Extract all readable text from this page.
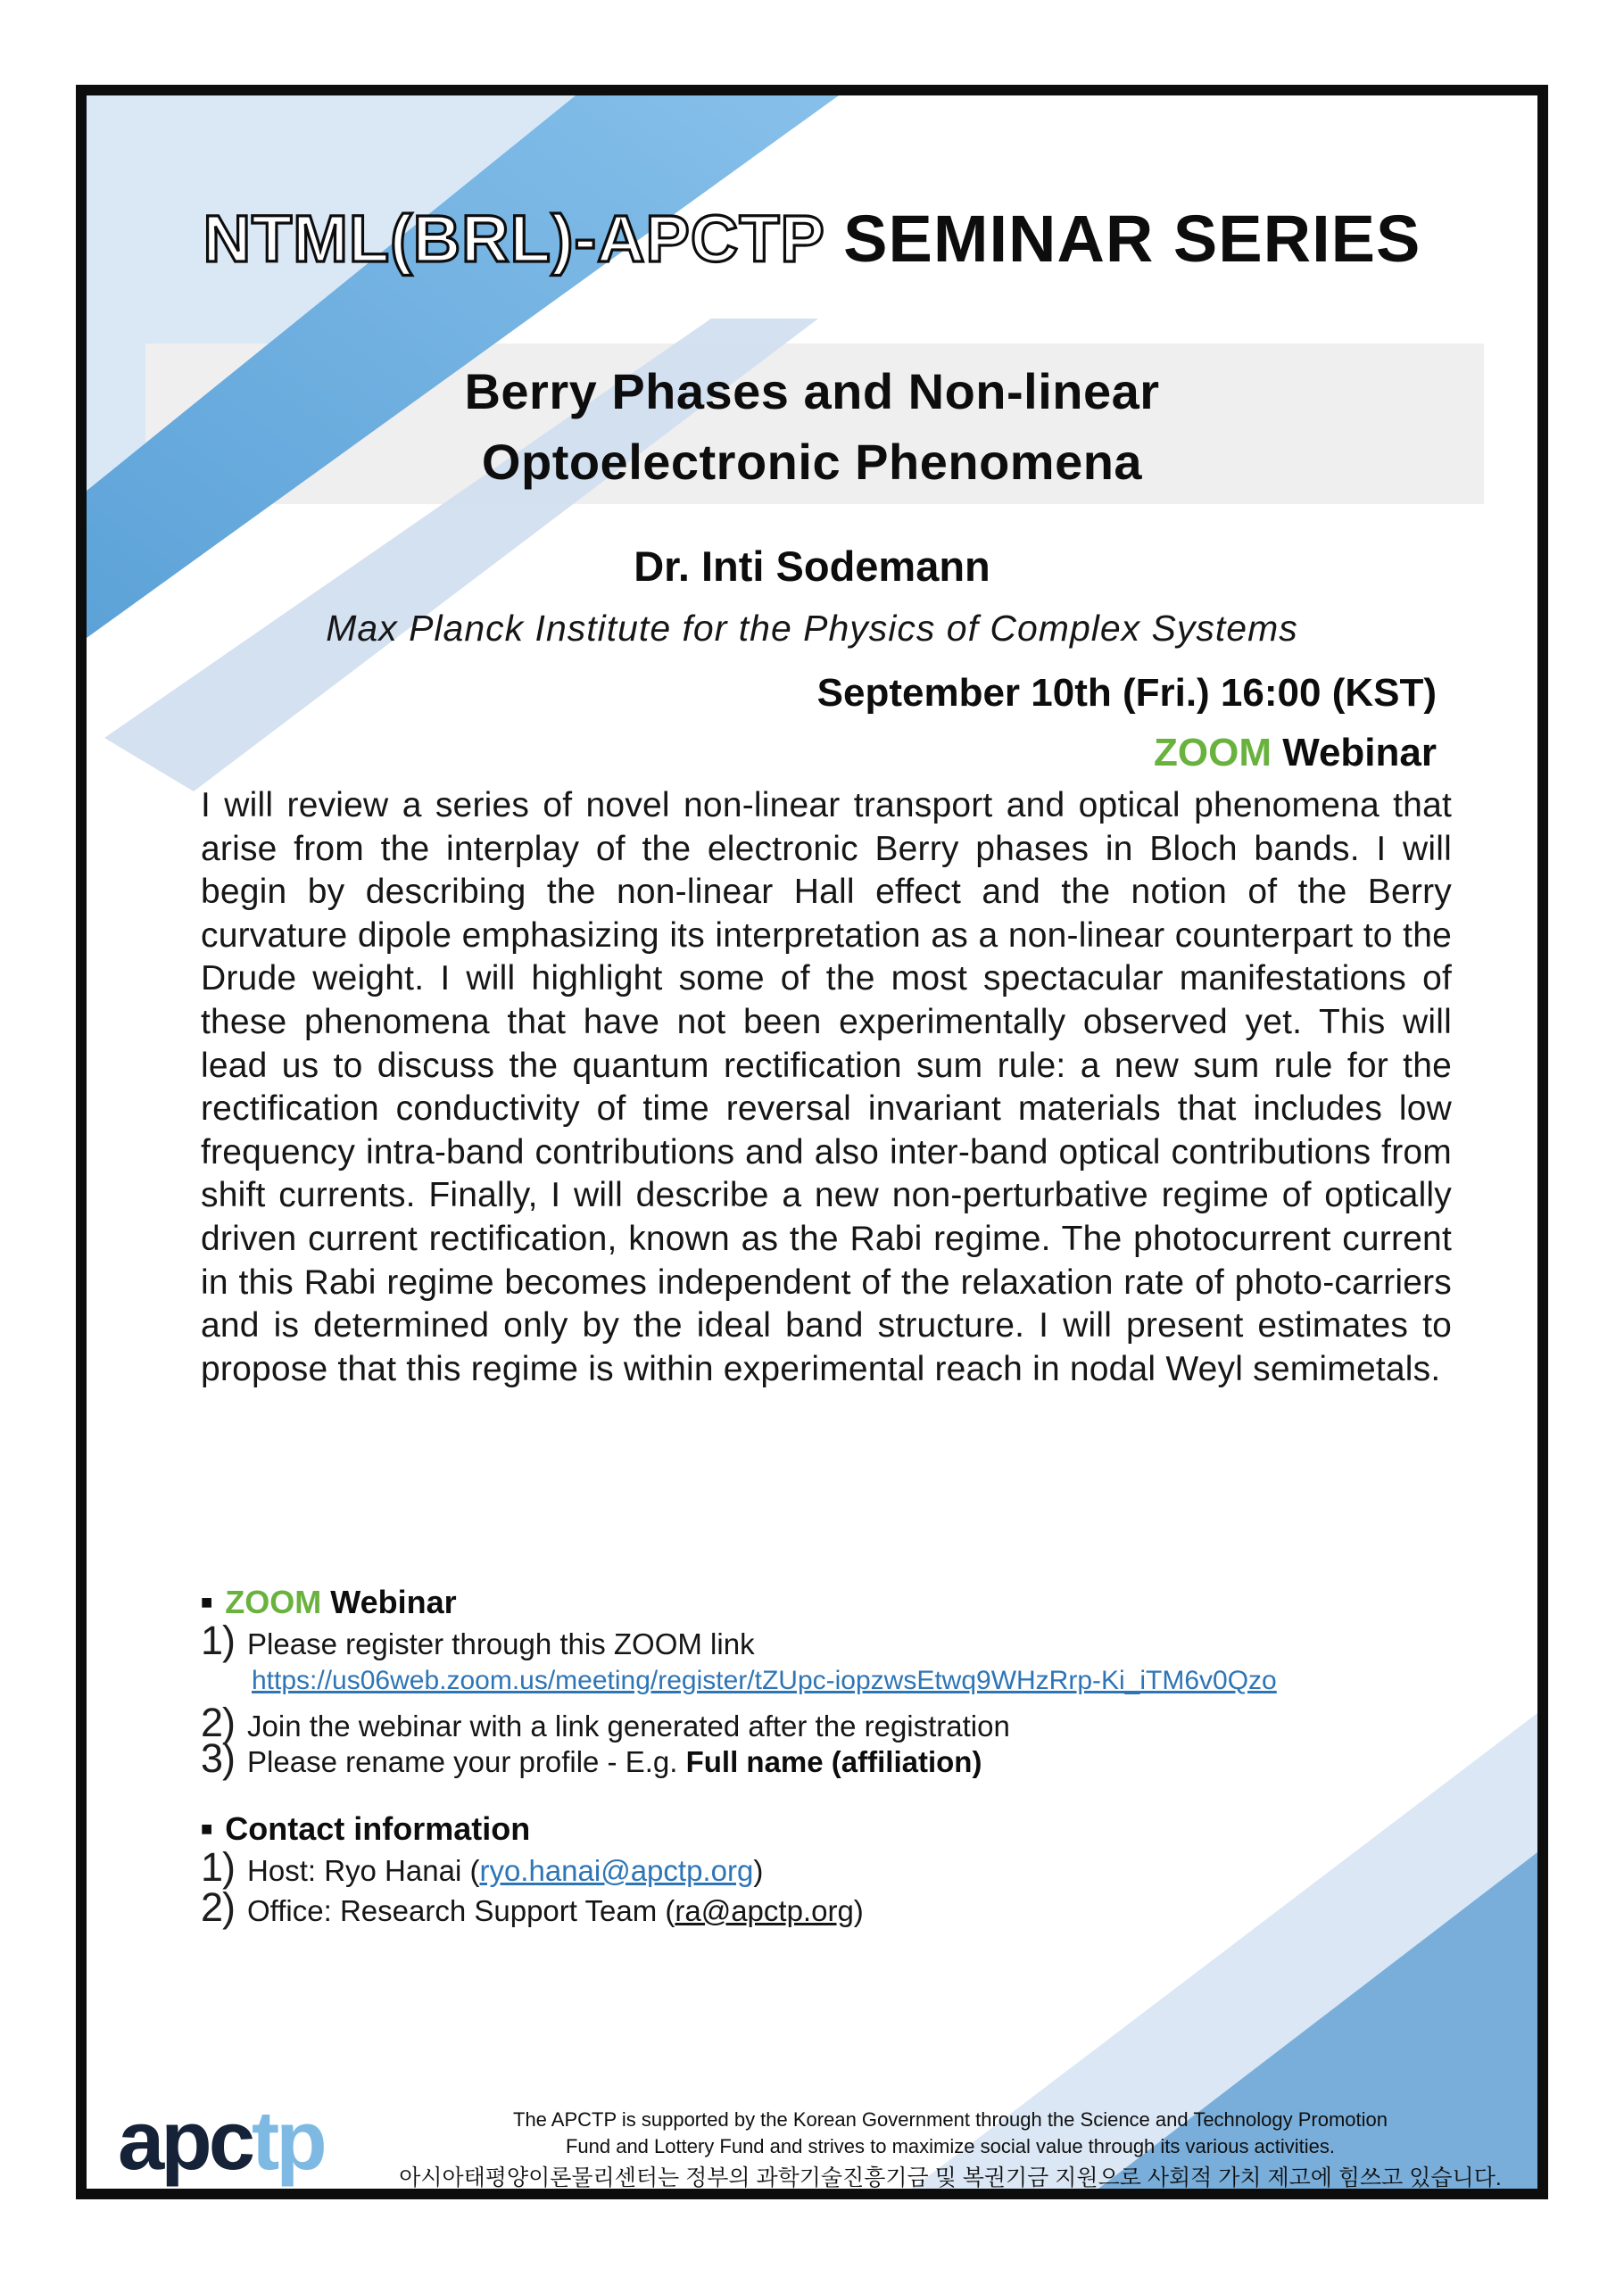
NTML(BRL)-APCTP SEMINAR SERIES
Berry Phases and Non-linear
Optoelectronic Phenomena
Dr. Inti Sodemann
Max Planck Institute for the Physics of Complex Systems
September 10th (Fri.) 16:00 (KST)
ZOOM Webinar
I will review a series of novel non-linear transport and optical phenomena that arise from the interplay of the electronic Berry phases in Bloch bands. I will begin by describing the non-linear Hall effect and the notion of the Berry curvature dipole emphasizing its interpretation as a non-linear counterpart to the Drude weight. I will highlight some of the most spectacular manifestations of these phenomena that have not been experimentally observed yet. This will lead us to discuss the quantum rectification sum rule: a new sum rule for the rectification conductivity of time reversal invariant materials that includes low frequency intra-band contributions and also inter-band optical contributions from shift currents. Finally, I will describe a new non-perturbative regime of optically driven current rectification, known as the Rabi regime. The photocurrent current in this Rabi regime becomes independent of the relaxation rate of photo-carriers and is determined only by the ideal band structure. I will present estimates to propose that this regime is within experimental reach in nodal Weyl semimetals.
■ ZOOM Webinar
1) Please register through this ZOOM link
https://us06web.zoom.us/meeting/register/tZUpc-iopzwsEtwq9WHzRrp-Ki_iTM6v0Qzo
2) Join the webinar with a link generated after the registration
3) Please rename your profile - E.g. Full name (affiliation)
■ Contact information
1) Host: Ryo Hanai (ryo.hanai@apctp.org)
2) Office: Research Support Team (ra@apctp.org)
apctp	The APCTP is supported by the Korean Government through the Science and Technology Promotion
Fund and Lottery Fund and strives to maximize social value through its various activities.
아시아태평양이론물리센터는 정부의 과학기술진흥기금 및 복권기금 지원으로 사회적 가치 제고에 힘쓰고 있습니다.
